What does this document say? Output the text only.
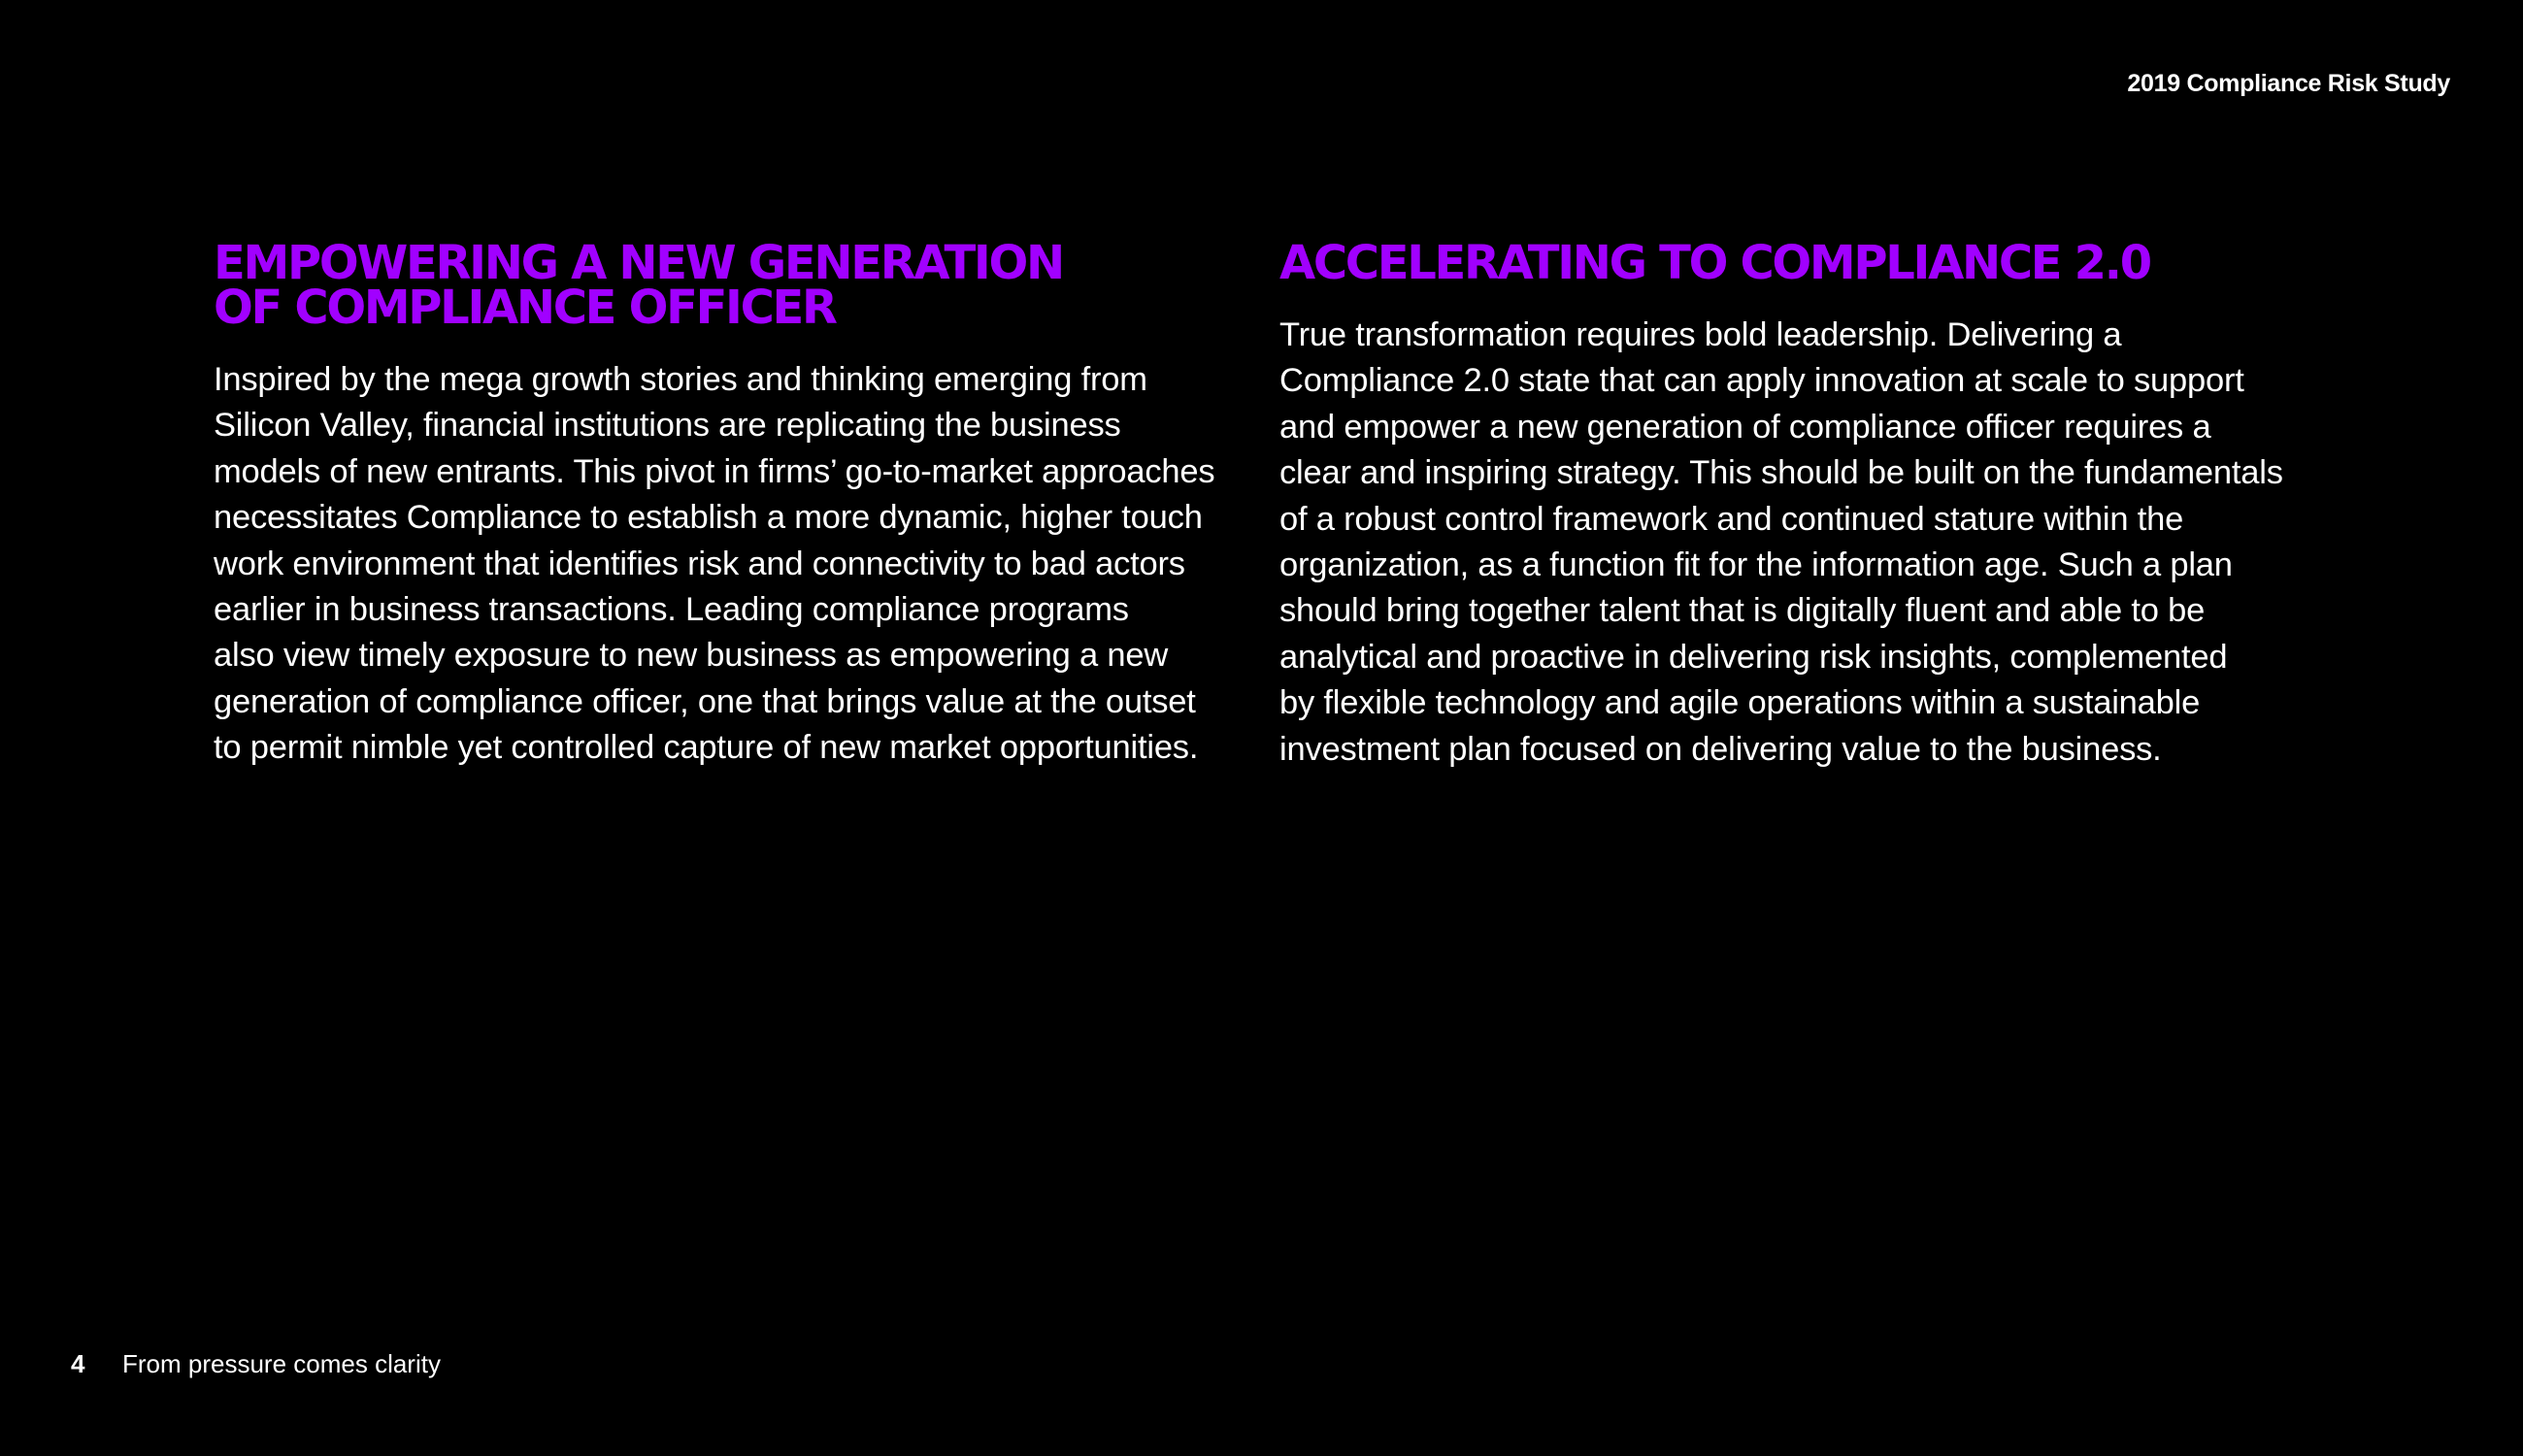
2019 Compliance Risk Study
EMPOWERING A NEW GENERATION
OF COMPLIANCE OFFICER

Inspired by the mega growth stories and thinking emerging from
Silicon Valley, financial institutions are replicating the business
models of new entrants. This pivot in firms’ go-to-market approaches
necessitates Compliance to establish a more dynamic, higher touch
work environment that identifies risk and connectivity to bad actors
earlier in business transactions. Leading compliance programs
also view timely exposure to new business as empowering a new
generation of compliance officer, one that brings value at the outset
to permit nimble yet controlled capture of new market opportunities.

ACCELERATING TO COMPLIANCE 2.0

True transformation requires bold leadership. Delivering a
Compliance 2.0 state that can apply innovation at scale to support
and empower a new generation of compliance officer requires a
clear and inspiring strategy. This should be built on the fundamentals
of a robust control framework and continued stature within the
organization, as a function fit for the information age. Such a plan
should bring together talent that is digitally fluent and able to be
analytical and proactive in delivering risk insights, complemented
by flexible technology and agile operations within a sustainable
investment plan focused on delivering value to the business.

4	From pressure comes clarity
